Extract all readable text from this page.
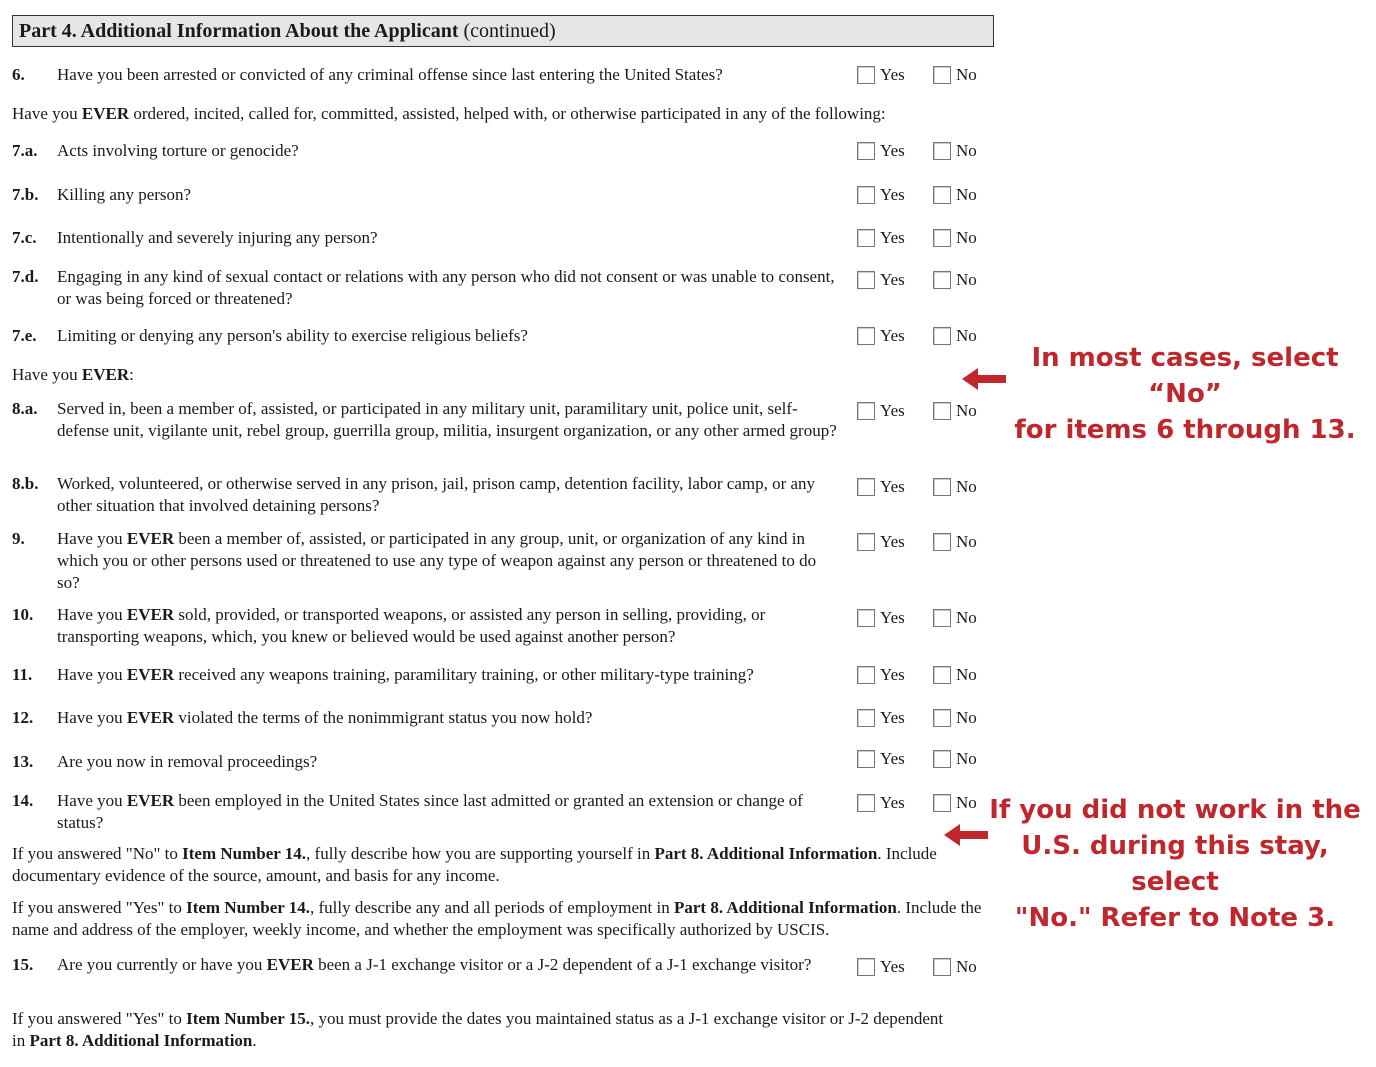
Part 4. Additional Information About the Applicant (continued)
6. Have you been arrested or convicted of any criminal offense since last entering the United States?	Yes	No
Have you EVER ordered, incited, called for, committed, assisted, helped with, or otherwise participated in any of the following:
7.a. Acts involving torture or genocide?	Yes	No
7.b. Killing any person?	Yes	No
7.c. Intentionally and severely injuring any person?	Yes	No
7.d. Engaging in any kind of sexual contact or relations with any person who did not consent or was unable to consent, or was being forced or threatened?
Yes	No
7.e. Limiting or denying any person's ability to exercise religious beliefs?	Yes	No
Have you EVER:
8.a. Served in, been a member of, assisted, or participated in any military unit, paramilitary unit, police unit, self-defense unit, vigilante unit, rebel group, guerrilla group, militia, insurgent organization, or any other armed group?
Yes	No
8.b. Worked, volunteered, or otherwise served in any prison, jail, prison camp, detention facility, labor camp, or any other situation that involved detaining persons?
Yes	No
9. Have you EVER been a member of, assisted, or participated in any group, unit, or organization of any kind in which you or other persons used or threatened to use any type of weapon against any person or threatened to do so?
Yes	No
10. Have you EVER sold, provided, or transported weapons, or assisted any person in selling, providing, or transporting weapons, which, you knew or believed would be used against another person?
Yes	No
11. Have you EVER received any weapons training, paramilitary training, or other military-type training?	Yes	No
12. Have you EVER violated the terms of the nonimmigrant status you now hold?	Yes	No
13. Are you now in removal proceedings?	Yes	No
14. Have you EVER been employed in the United States since last admitted or granted an extension or change of status?
Yes	No
If you answered "No" to Item Number 14., fully describe how you are supporting yourself in Part 8. Additional Information. Include documentary evidence of the source, amount, and basis for any income.
If you answered "Yes" to Item Number 14., fully describe any and all periods of employment in Part 8. Additional Information. Include the name and address of the employer, weekly income, and whether the employment was specifically authorized by USCIS.
15. Are you currently or have you EVER been a J-1 exchange visitor or a J-2 dependent of a J-1 exchange visitor?	Yes	No
If you answered "Yes" to Item Number 15., you must provide the dates you maintained status as a J-1 exchange visitor or J-2 dependent in Part 8. Additional Information.
In most cases, select “No”
for items 6 through 13.
If you did not work in the
U.S. during this stay, select
"No." Refer to Note 3.
